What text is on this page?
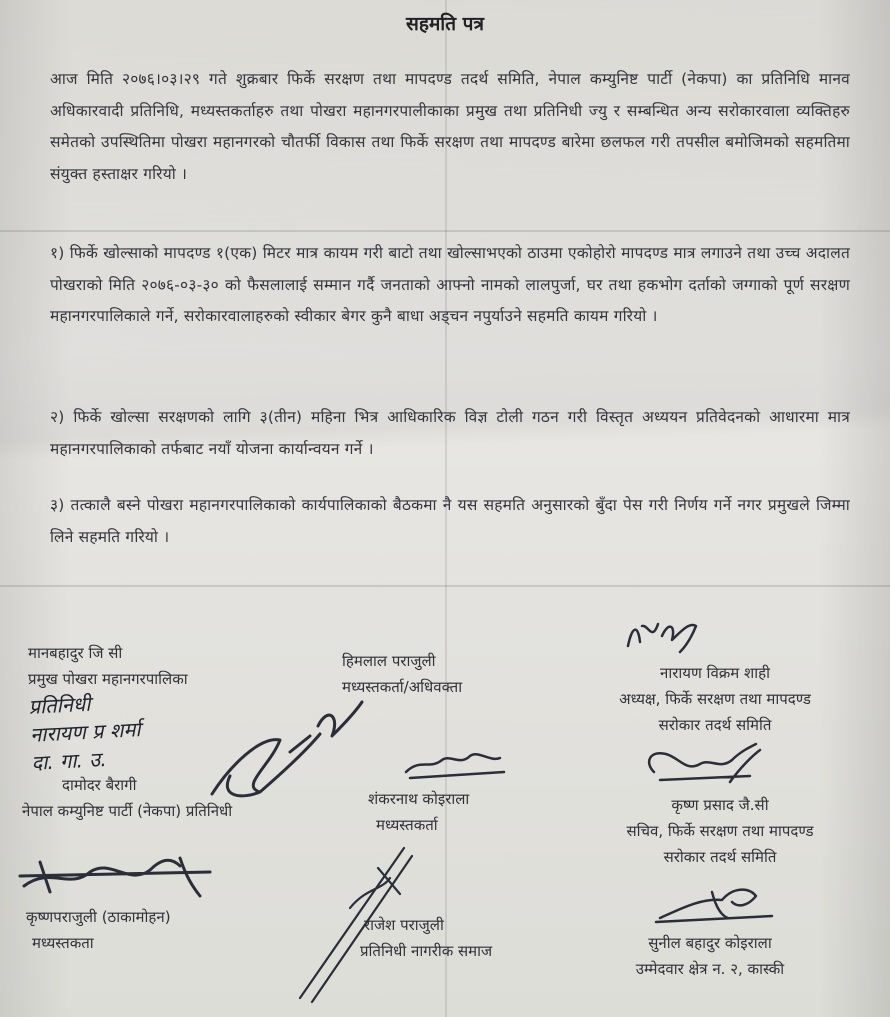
सहमति पत्र
आज मिति २०७६।०३।२९ गते शुक्रबार फिर्के सरक्षण तथा मापदण्ड तदर्थ समिति, नेपाल कम्युनिष्ट पार्टी (नेकपा) का प्रतिनिधि मानव अधिकारवादी प्रतिनिधि, मध्यस्तकर्ताहरु तथा पोखरा महानगरपालीकाका प्रमुख तथा प्रतिनिधी ज्यु र सम्बन्धित अन्य सरोकारवाला व्यक्तिहरु समेतको उपस्थितिमा पोखरा महानगरको चौतर्फी विकास तथा फिर्के सरक्षण तथा मापदण्ड बारेमा छलफल गरी तपसील बमोजिमको सहमतिमा संयुक्त हस्ताक्षर गरियो ।
१) फिर्के खोल्साको मापदण्ड १(एक) मिटर मात्र कायम गरी बाटो तथा खोल्साभएको ठाउमा एकोहोरो मापदण्ड मात्र लगाउने तथा उच्च अदालत पोखराको मिति २०७६-०३-३० को फैसलालाई सम्मान गर्दै जनताको आफ्नो नामको लालपुर्जा, घर तथा हकभोग दर्ताको जग्गाको पूर्ण सरक्षण महानगरपालिकाले गर्ने, सरोकारवालाहरुको स्वीकार बेगर कुनै बाधा अड्चन नपुर्याउने सहमति कायम गरियो ।
२) फिर्के खोल्सा सरक्षणको लागि ३(तीन) महिना भित्र आधिकारिक विज्ञ टोली गठन गरी विस्तृत अध्ययन प्रतिवेदनको आधारमा मात्र महानगरपालिकाको तर्फबाट नयाँ योजना कार्यान्वयन गर्ने ।
३) तत्कालै बस्ने पोखरा महानगरपालिकाको कार्यपालिकाको बैठकमा नै यस सहमति अनुसारको बुँदा पेस गरी निर्णय गर्ने नगर प्रमुखले जिम्मा लिने सहमति गरियो ।
मानबहादुर जि सी
प्रमुख पोखरा महानगरपालिका
हिमलाल पराजुली
मध्यस्तकर्ता/अधिवक्ता
नारायण विक्रम शाही
अध्यक्ष, फिर्के सरक्षण तथा मापदण्ड
सरोकार तदर्थ समिति
दामोदर बैरागी
नेपाल कम्युनिष्ट पार्टी (नेकपा) प्रतिनिधी
शंकरनाथ कोइराला
मध्यस्तकर्ता
कृष्ण प्रसाद जै.सी
सचिव, फिर्के सरक्षण तथा मापदण्ड
सरोकार तदर्थ समिति
कृष्णपराजुली (ठाकामोहन)
मध्यस्तकता
राजेश पराजुली
प्रतिनिधी नागरीक समाज	सुनील बहादुर कोइराला
उम्मेदवार क्षेत्र न. २, कास्की
प्रतिनिधी
नारायण प्र शर्मा
दा. गा. उ.
